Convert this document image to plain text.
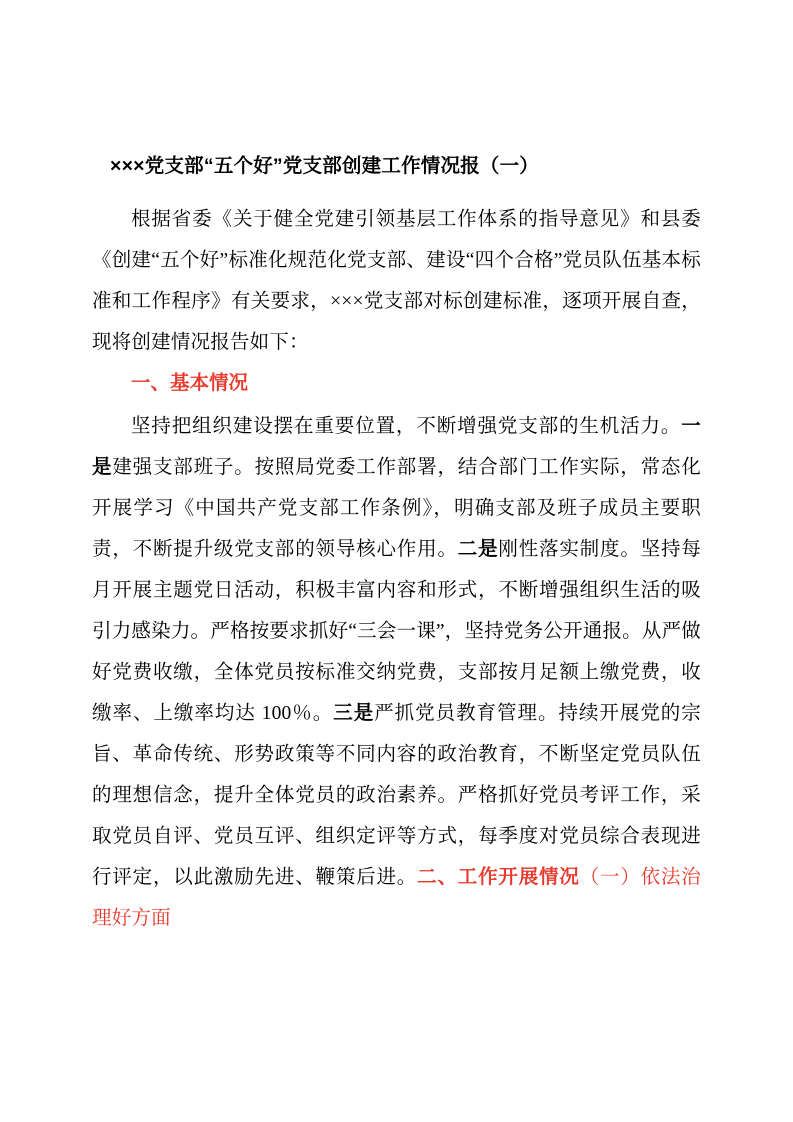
×××党支部“五个好”党支部创建工作情况报（一）

根据省委《关于健全党建引领基层工作体系的指导意见》和县委《创建“五个好”标准化规范化党支部、建设“四个合格”党员队伍基本标准和工作程序》有关要求，×××党支部对标创建标准，逐项开展自查，现将创建情况报告如下：

一、基本情况

坚持把组织建设摆在重要位置，不断增强党支部的生机活力。一是建强支部班子。按照局党委工作部署，结合部门工作实际，常态化开展学习《中国共产党支部工作条例》，明确支部及班子成员主要职责，不断提升级党支部的领导核心作用。二是刚性落实制度。坚持每月开展主题党日活动，积极丰富内容和形式，不断增强组织生活的吸引力感染力。严格按要求抓好“三会一课”，坚持党务公开通报。从严做好党费收缴，全体党员按标准交纳党费，支部按月足额上缴党费，收缴率、上缴率均达 100％。三是严抓党员教育管理。持续开展党的宗旨、革命传统、形势政策等不同内容的政治教育，不断坚定党员队伍的理想信念，提升全体党员的政治素养。严格抓好党员考评工作，采取党员自评、党员互评、组织定评等方式，每季度对党员综合表现进行评定，以此激励先进、鞭策后进。二、工作开展情况（一）依法治理好方面
